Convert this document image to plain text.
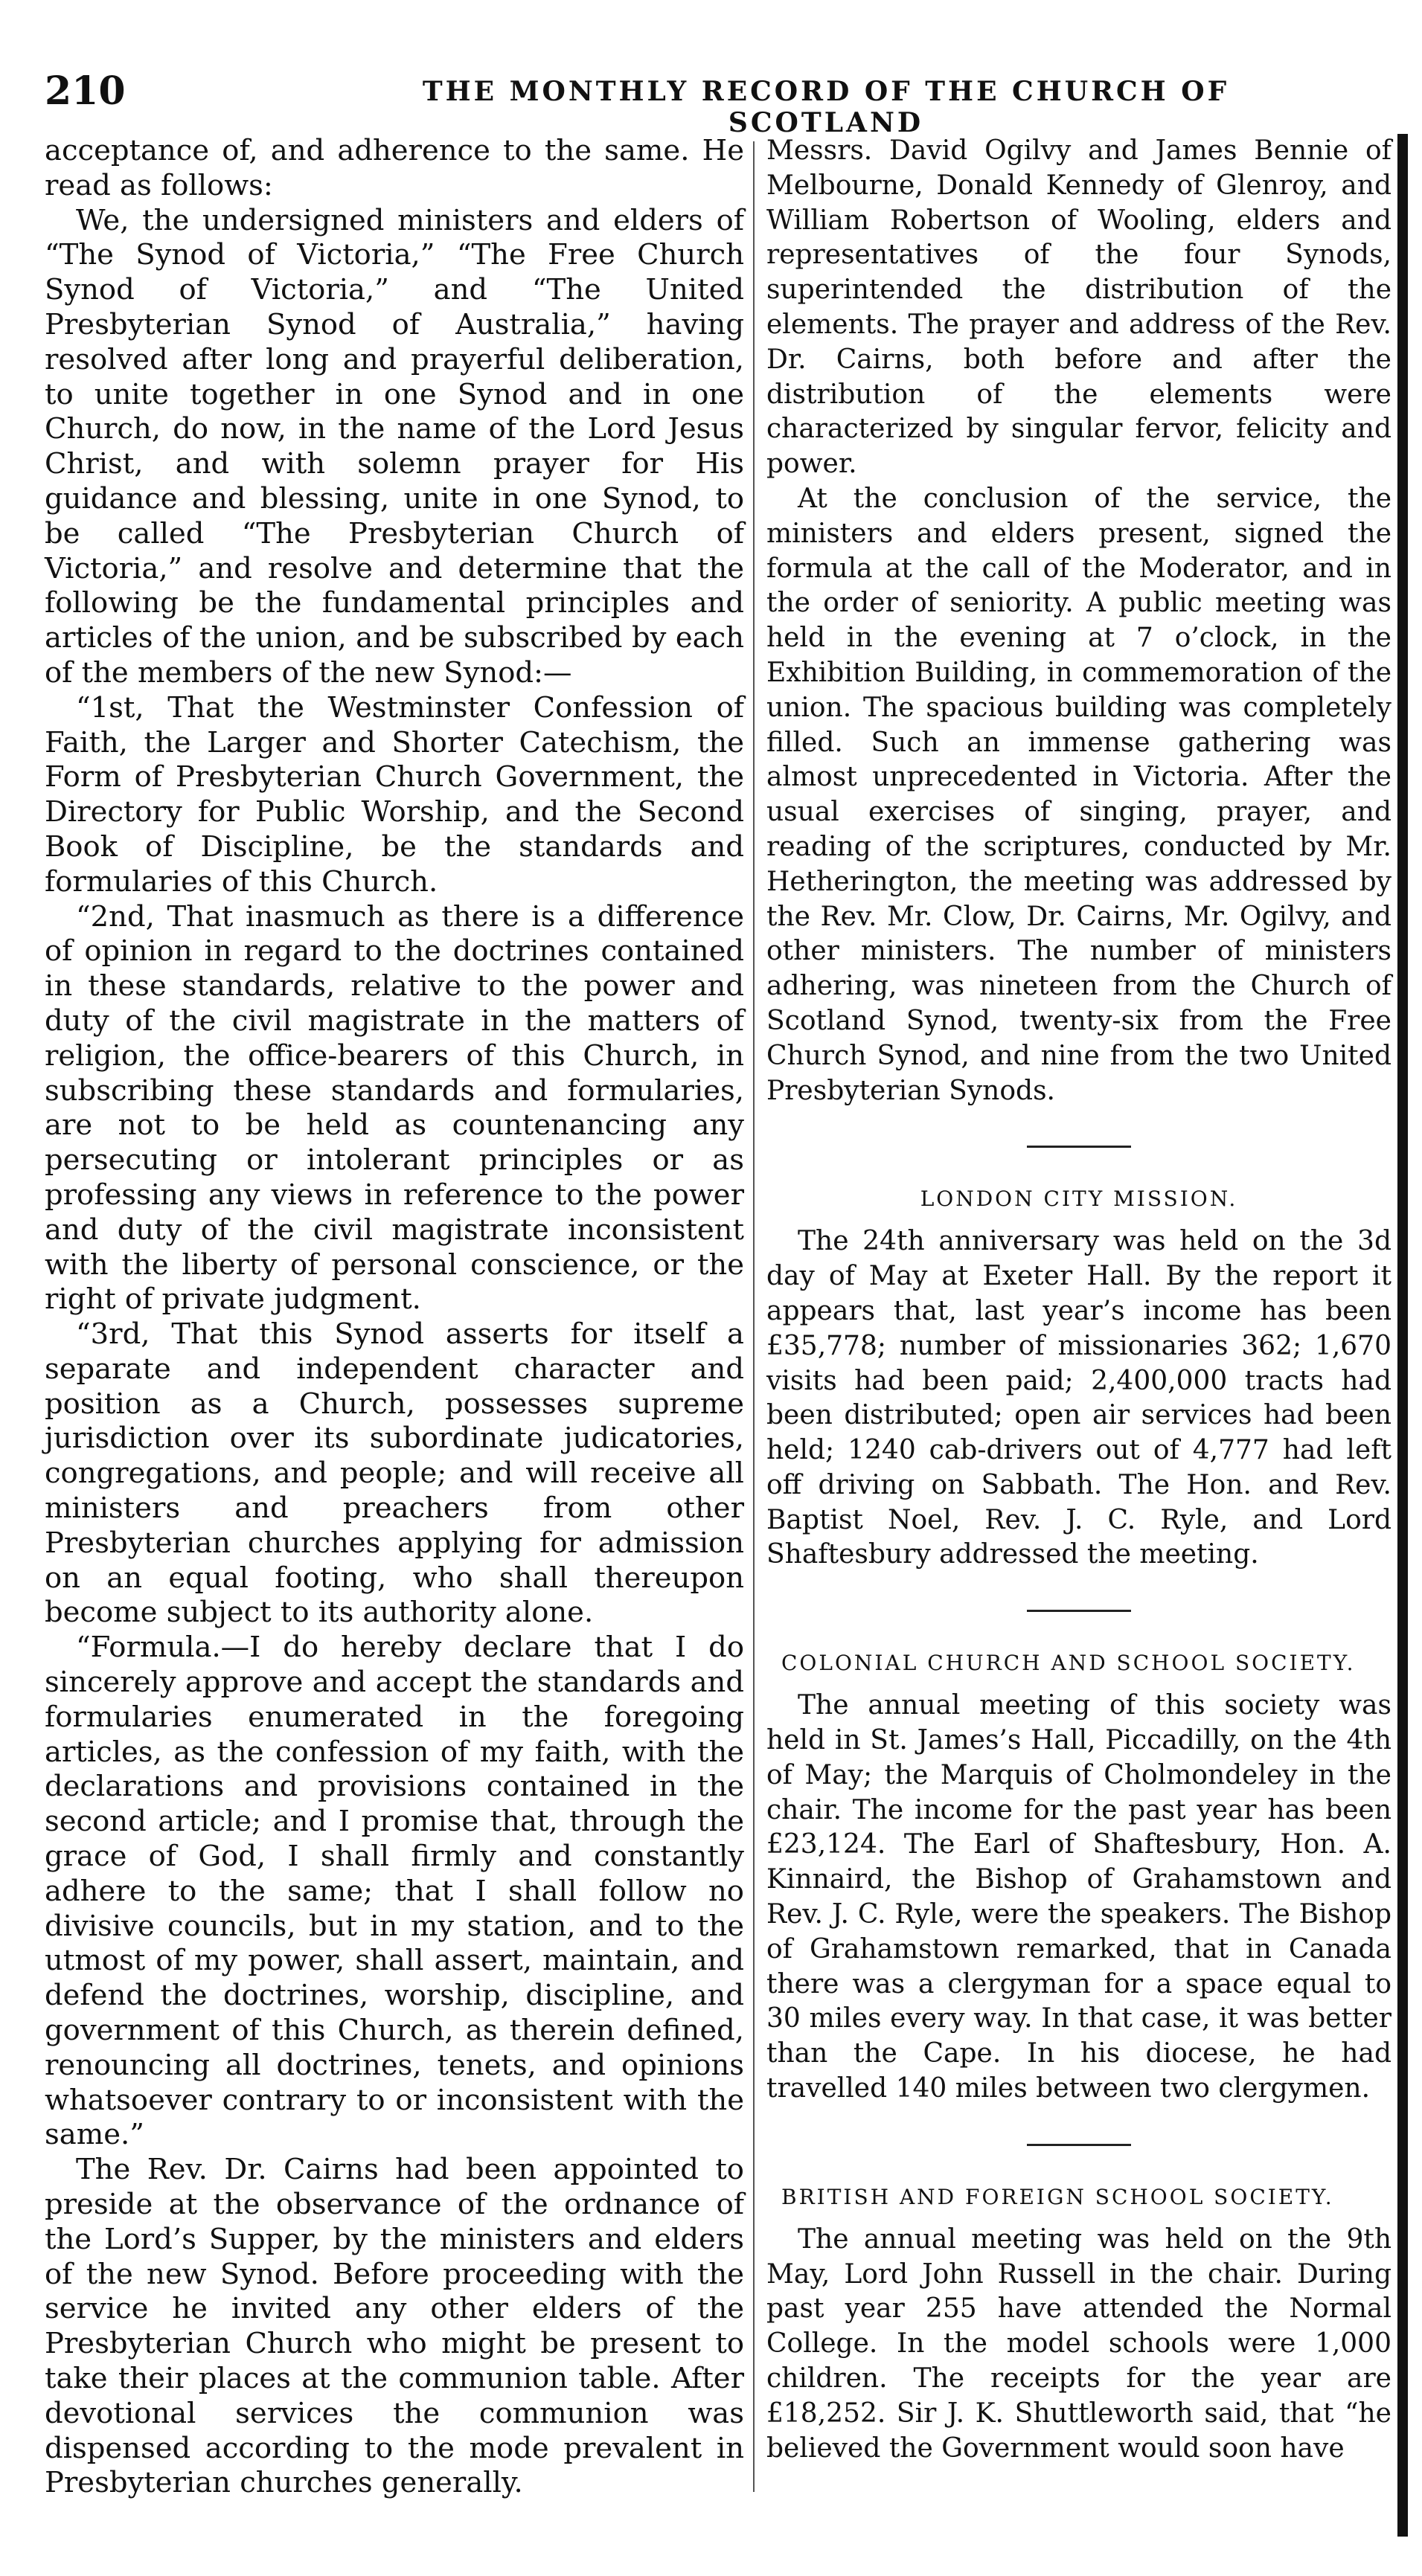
210	THE MONTHLY RECORD OF THE CHURCH OF SCOTLAND

acceptance of, and adherence to the same. He read as follows:

We, the undersigned ministers and elders of “The Synod of Victoria,” “The Free Church Synod of Victoria,” and “The United Presbyterian Synod of Australia,” having resolved after long and prayerful deliberation, to unite together in one Synod and in one Church, do now, in the name of the Lord Jesus Christ, and with solemn prayer for His guidance and blessing, unite in one Synod, to be called “The Presbyterian Church of Victoria,” and resolve and determine that the following be the fundamental principles and articles of the union, and be subscribed by each of the members of the new Synod:—

“1st, That the Westminster Confession of Faith, the Larger and Shorter Catechism, the Form of Presbyterian Church Government, the Directory for Public Worship, and the Second Book of Discipline, be the standards and formularies of this Church.

“2nd, That inasmuch as there is a difference of opinion in regard to the doctrines contained in these standards, relative to the power and duty of the civil magistrate in the matters of religion, the office-bearers of this Church, in subscribing these standards and formularies, are not to be held as countenancing any persecuting or intolerant principles or as professing any views in reference to the power and duty of the civil magistrate inconsistent with the liberty of personal conscience, or the right of private judgment.

“3rd, That this Synod asserts for itself a separate and independent character and position as a Church, possesses supreme jurisdiction over its subordinate judicatories, congregations, and people; and will receive all ministers and preachers from other Presbyterian churches applying for admission on an equal footing, who shall thereupon become subject to its authority alone.

“Formula.—I do hereby declare that I do sincerely approve and accept the standards and formularies enumerated in the foregoing articles, as the confession of my faith, with the declarations and provisions contained in the second article; and I promise that, through the grace of God, I shall firmly and constantly adhere to the same; that I shall follow no divisive councils, but in my station, and to the utmost of my power, shall assert, maintain, and defend the doctrines, worship, discipline, and government of this Church, as therein defined, renouncing all doctrines, tenets, and opinions whatsoever contrary to or inconsistent with the same.”

The Rev. Dr. Cairns had been appointed to preside at the observance of the ordnance of the Lord’s Supper, by the ministers and elders of the new Synod. Before proceeding with the service he invited any other elders of the Presbyterian Church who might be present to take their places at the communion table. After devotional services the communion was dispensed according to the mode prevalent in Presbyterian churches generally.

Messrs. David Ogilvy and James Bennie of Melbourne, Donald Kennedy of Glenroy, and William Robertson of Wooling, elders and representatives of the four Synods, superintended the distribution of the elements. The prayer and address of the Rev. Dr. Cairns, both before and after the distribution of the elements were characterized by singular fervor, felicity and power.

At the conclusion of the service, the ministers and elders present, signed the formula at the call of the Moderator, and in the order of seniority. A public meeting was held in the evening at 7 o’clock, in the Exhibition Building, in commemoration of the union. The spacious building was completely filled. Such an immense gathering was almost unprecedented in Victoria. After the usual exercises of singing, prayer, and reading of the scriptures, conducted by Mr. Hetherington, the meeting was addressed by the Rev. Mr. Clow, Dr. Cairns, Mr. Ogilvy, and other ministers. The number of ministers adhering, was nineteen from the Church of Scotland Synod, twenty-six from the Free Church Synod, and nine from the two United Presbyterian Synods.

LONDON CITY MISSION.

The 24th anniversary was held on the 3d day of May at Exeter Hall. By the report it appears that, last year’s income has been £35,778; number of missionaries 362; 1,670 visits had been paid; 2,400,000 tracts had been distributed; open air services had been held; 1240 cab-drivers out of 4,777 had left off driving on Sabbath. The Hon. and Rev. Baptist Noel, Rev. J. C. Ryle, and Lord Shaftesbury addressed the meeting.

COLONIAL CHURCH AND SCHOOL SOCIETY.

The annual meeting of this society was held in St. James’s Hall, Piccadilly, on the 4th of May; the Marquis of Cholmondeley in the chair. The income for the past year has been £23,124. The Earl of Shaftesbury, Hon. A. Kinnaird, the Bishop of Grahamstown and Rev. J. C. Ryle, were the speakers. The Bishop of Grahamstown remarked, that in Canada there was a clergyman for a space equal to 30 miles every way. In that case, it was better than the Cape. In his diocese, he had travelled 140 miles between two clergymen.

BRITISH AND FOREIGN SCHOOL SOCIETY.

The annual meeting was held on the 9th May, Lord John Russell in the chair. During past year 255 have attended the Normal College. In the model schools were 1,000 children. The receipts for the year are £18,252. Sir J. K. Shuttleworth said, that “he believed the Government would soon have
